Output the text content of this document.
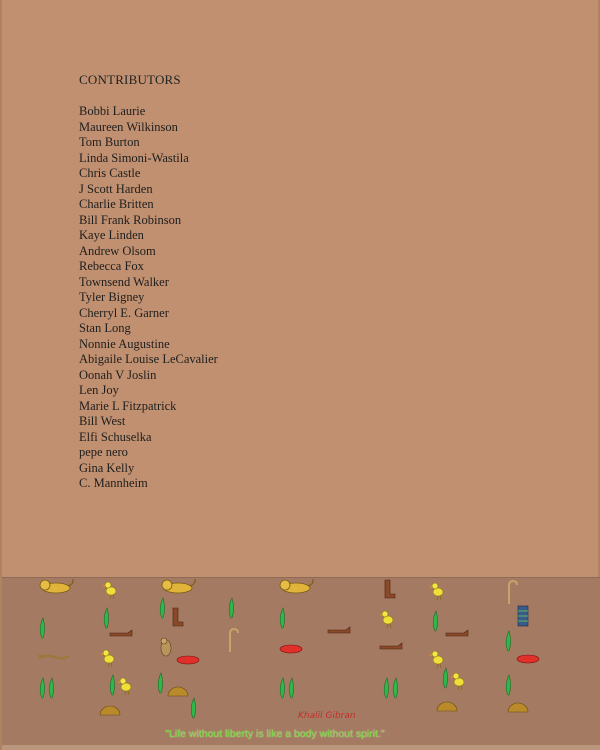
CONTRIBUTORS
Bobbi Laurie
Maureen Wilkinson
Tom Burton
Linda Simoni-Wastila
Chris Castle
J Scott Harden
Charlie Britten
Bill Frank Robinson
Kaye Linden
Andrew Olsom
Rebecca Fox
Townsend Walker
Tyler Bigney
Cherryl E. Garner
Stan Long
Nonnie Augustine
Abigaile Louise LeCavalier
Oonah V Joslin
Len Joy
Marie L Fitzpatrick
Bill West
Elfi Schuselka
pepe nero
Gina Kelly
C. Mannheim
Khalil Gibran
"Life without liberty is like a body without spirit."
